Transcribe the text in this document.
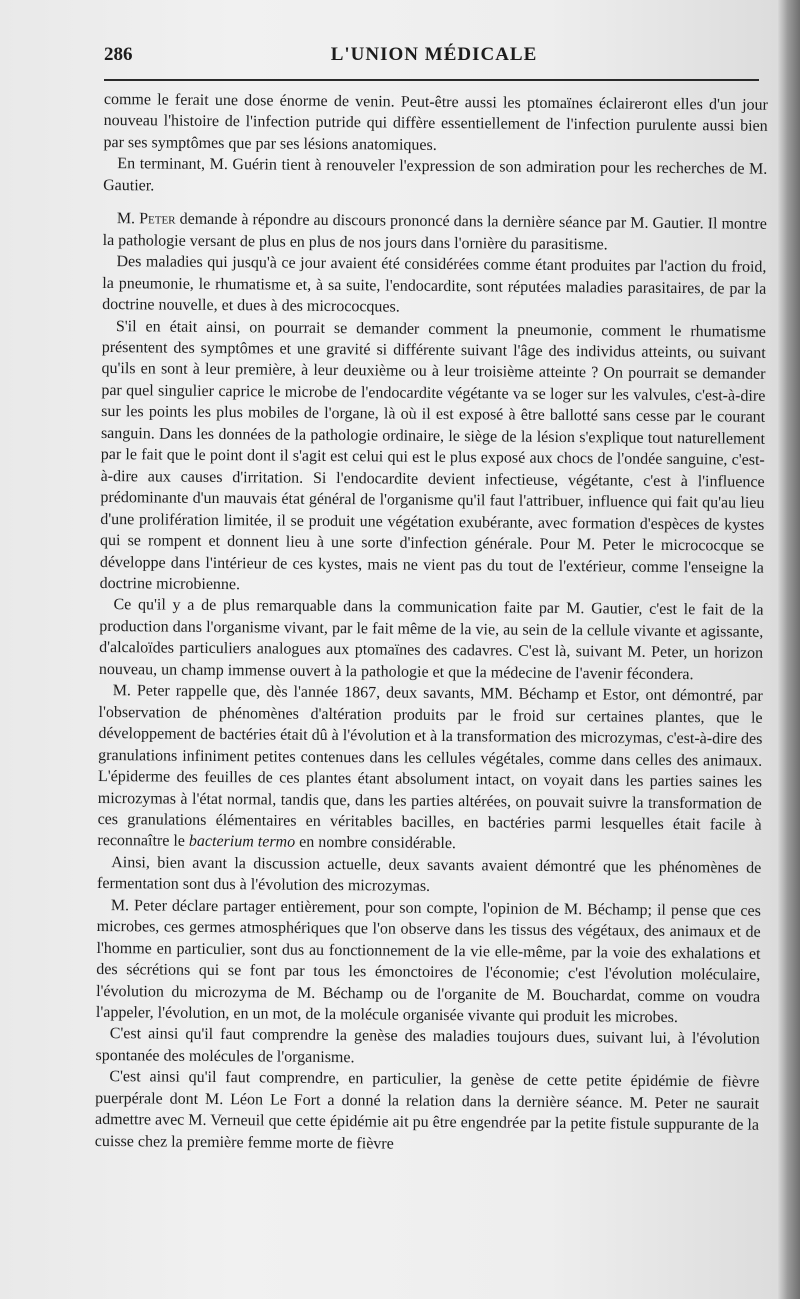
286	L'UNION MÉDICALE

comme le ferait une dose énorme de venin. Peut-être aussi les ptomaïnes éclaireront elles d'un jour nouveau l'histoire de l'infection putride qui diffère essentiellement de l'infection purulente aussi bien par ses symptômes que par ses lésions anatomiques.

En terminant, M. Guérin tient à renouveler l'expression de son admiration pour les recherches de M. Gautier.

M. Peter demande à répondre au discours prononcé dans la dernière séance par M. Gautier. Il montre la pathologie versant de plus en plus de nos jours dans l'ornière du parasitisme.

Des maladies qui jusqu'à ce jour avaient été considérées comme étant produites par l'action du froid, la pneumonie, le rhumatisme et, à sa suite, l'endocardite, sont réputées maladies parasitaires, de par la doctrine nouvelle, et dues à des micrococques.

S'il en était ainsi, on pourrait se demander comment la pneumonie, comment le rhumatisme présentent des symptômes et une gravité si différente suivant l'âge des individus atteints, ou suivant qu'ils en sont à leur première, à leur deuxième ou à leur troisième atteinte ? On pourrait se demander par quel singulier caprice le microbe de l'endocardite végétante va se loger sur les valvules, c'est-à-dire sur les points les plus mobiles de l'organe, là où il est exposé à être ballotté sans cesse par le courant sanguin. Dans les données de la pathologie ordinaire, le siège de la lésion s'explique tout naturellement par le fait que le point dont il s'agit est celui qui est le plus exposé aux chocs de l'ondée sanguine, c'est-à-dire aux causes d'irritation. Si l'endocardite devient infectieuse, végétante, c'est à l'influence prédominante d'un mauvais état général de l'organisme qu'il faut l'attribuer, influence qui fait qu'au lieu d'une prolifération limitée, il se produit une végétation exubérante, avec formation d'espèces de kystes qui se rompent et donnent lieu à une sorte d'infection générale. Pour M. Peter le micrococque se développe dans l'intérieur de ces kystes, mais ne vient pas du tout de l'extérieur, comme l'enseigne la doctrine microbienne.

Ce qu'il y a de plus remarquable dans la communication faite par M. Gautier, c'est le fait de la production dans l'organisme vivant, par le fait même de la vie, au sein de la cellule vivante et agissante, d'alcaloïdes particuliers analogues aux ptomaïnes des cadavres. C'est là, suivant M. Peter, un horizon nouveau, un champ immense ouvert à la pathologie et que la médecine de l'avenir fécondera.

M. Peter rappelle que, dès l'année 1867, deux savants, MM. Béchamp et Estor, ont démontré, par l'observation de phénomènes d'altération produits par le froid sur certaines plantes, que le développement de bactéries était dû à l'évolution et à la transformation des microzymas, c'est-à-dire des granulations infiniment petites contenues dans les cellules végétales, comme dans celles des animaux. L'épiderme des feuilles de ces plantes étant absolument intact, on voyait dans les parties saines les microzymas à l'état normal, tandis que, dans les parties altérées, on pouvait suivre la transformation de ces granulations élémentaires en véritables bacilles, en bactéries parmi lesquelles était facile à reconnaître le bacterium termo en nombre considérable.

Ainsi, bien avant la discussion actuelle, deux savants avaient démontré que les phénomènes de fermentation sont dus à l'évolution des microzymas.

M. Peter déclare partager entièrement, pour son compte, l'opinion de M. Béchamp; il pense que ces microbes, ces germes atmosphériques que l'on observe dans les tissus des végétaux, des animaux et de l'homme en particulier, sont dus au fonctionnement de la vie elle-même, par la voie des exhalations et des sécrétions qui se font par tous les émonctoires de l'économie; c'est l'évolution moléculaire, l'évolution du microzyma de M. Béchamp ou de l'organite de M. Bouchardat, comme on voudra l'appeler, l'évolution, en un mot, de la molécule organisée vivante qui produit les microbes.

C'est ainsi qu'il faut comprendre la genèse des maladies toujours dues, suivant lui, à l'évolution spontanée des molécules de l'organisme.

C'est ainsi qu'il faut comprendre, en particulier, la genèse de cette petite épidémie de fièvre puerpérale dont M. Léon Le Fort a donné la relation dans la dernière séance. M. Peter ne saurait admettre avec M. Verneuil que cette épidémie ait pu être engendrée par la petite fistule suppurante de la cuisse chez la première femme morte de fièvre
